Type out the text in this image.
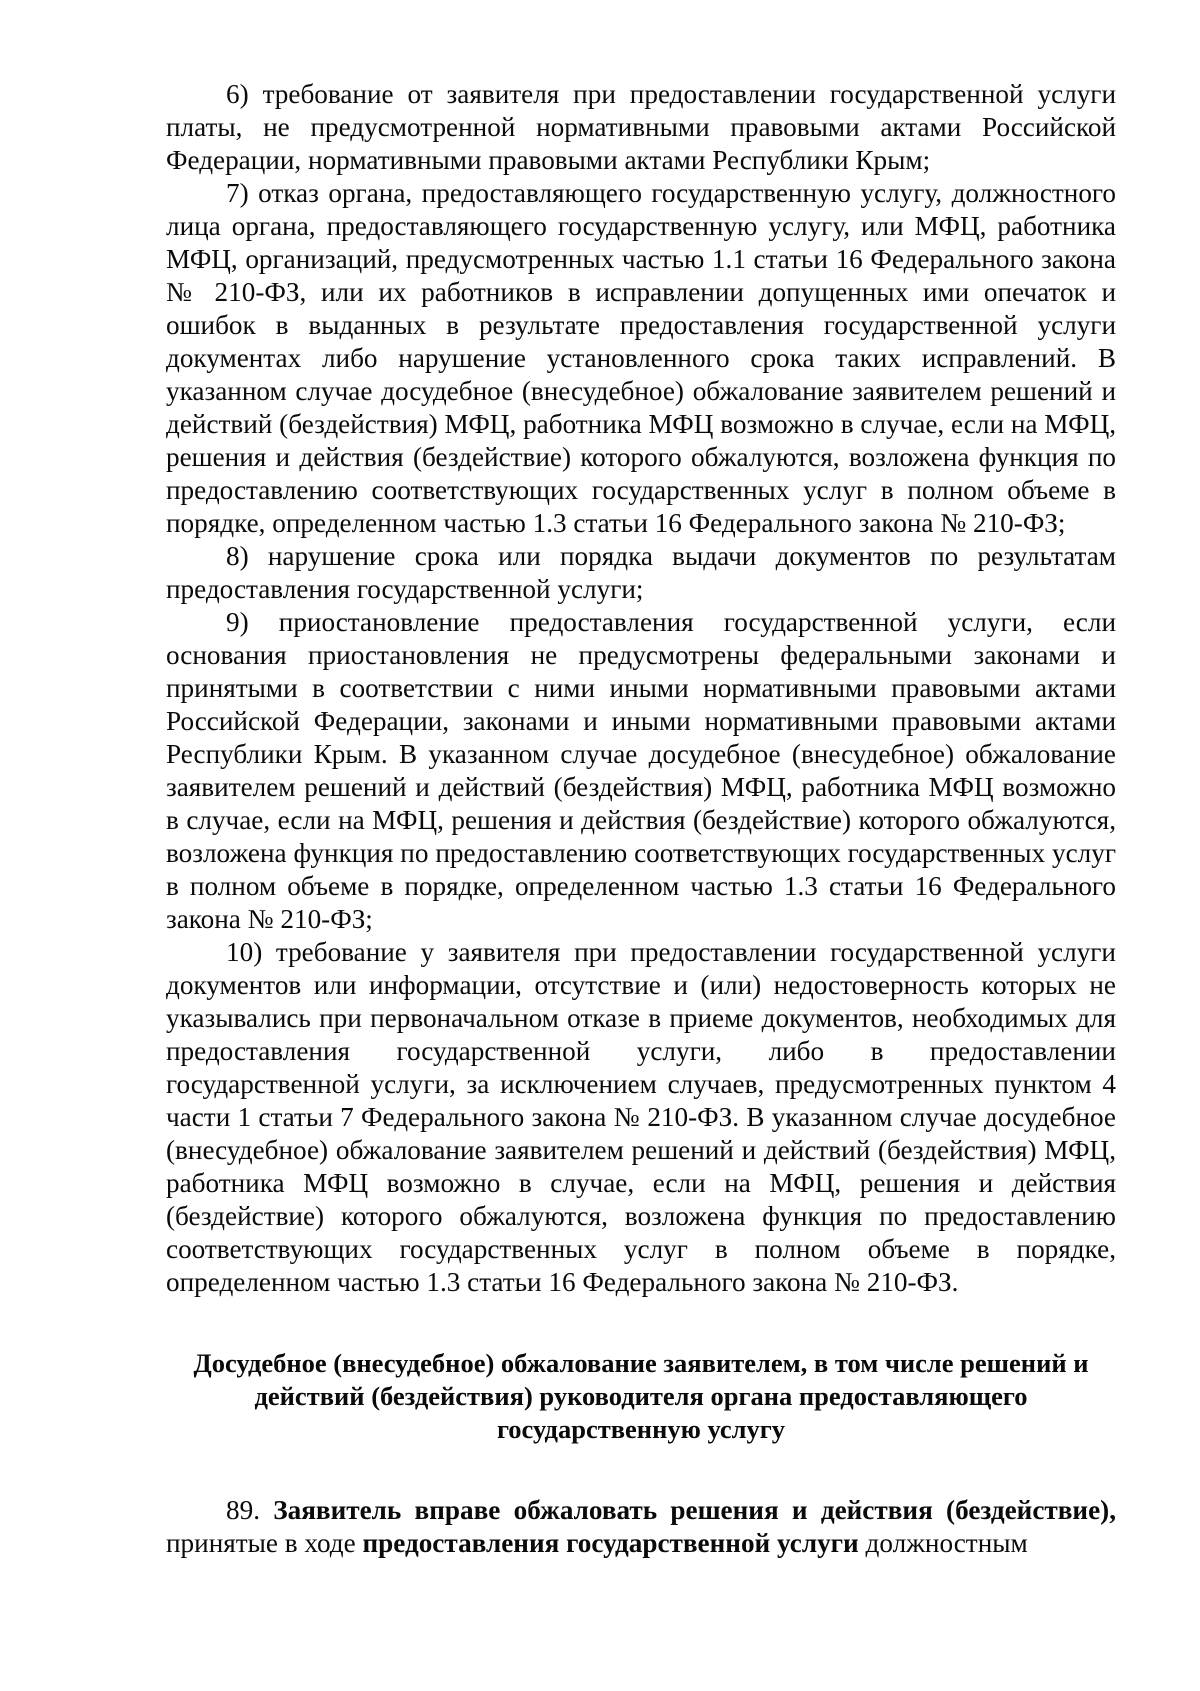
6) требование от заявителя при предоставлении государственной услуги платы, не предусмотренной нормативными правовыми актами Российской Федерации, нормативными правовыми актами Республики Крым;

7) отказ органа, предоставляющего государственную услугу, должностного лица органа, предоставляющего государственную услугу, или МФЦ, работника МФЦ, организаций, предусмотренных частью 1.1 статьи 16 Федерального закона № 210-ФЗ, или их работников в исправлении допущенных ими опечаток и ошибок в выданных в результате предоставления государственной услуги документах либо нарушение установленного срока таких исправлений. В указанном случае досудебное (внесудебное) обжалование заявителем решений и действий (бездействия) МФЦ, работника МФЦ возможно в случае, если на МФЦ, решения и действия (бездействие) которого обжалуются, возложена функция по предоставлению соответствующих государственных услуг в полном объеме в порядке, определенном частью 1.3 статьи 16 Федерального закона № 210-ФЗ;

8) нарушение срока или порядка выдачи документов по результатам предоставления государственной услуги;

9) приостановление предоставления государственной услуги, если основания приостановления не предусмотрены федеральными законами и принятыми в соответствии с ними иными нормативными правовыми актами Российской Федерации, законами и иными нормативными правовыми актами Республики Крым. В указанном случае досудебное (внесудебное) обжалование заявителем решений и действий (бездействия) МФЦ, работника МФЦ возможно в случае, если на МФЦ, решения и действия (бездействие) которого обжалуются, возложена функция по предоставлению соответствующих государственных услуг в полном объеме в порядке, определенном частью 1.3 статьи 16 Федерального закона № 210-ФЗ;

10) требование у заявителя при предоставлении государственной услуги документов или информации, отсутствие и (или) недостоверность которых не указывались при первоначальном отказе в приеме документов, необходимых для предоставления государственной услуги, либо в предоставлении государственной услуги, за исключением случаев, предусмотренных пунктом 4 части 1 статьи 7 Федерального закона № 210-ФЗ. В указанном случае досудебное (внесудебное) обжалование заявителем решений и действий (бездействия) МФЦ, работника МФЦ возможно в случае, если на МФЦ, решения и действия (бездействие) которого обжалуются, возложена функция по предоставлению соответствующих государственных услуг в полном объеме в порядке, определенном частью 1.3 статьи 16 Федерального закона № 210-ФЗ.

Досудебное (внесудебное) обжалование заявителем, в том числе решений и действий (бездействия) руководителя органа предоставляющего государственную услугу

89. Заявитель вправе обжаловать решения и действия (бездействие), принятые в ходе предоставления государственной услуги должностным
